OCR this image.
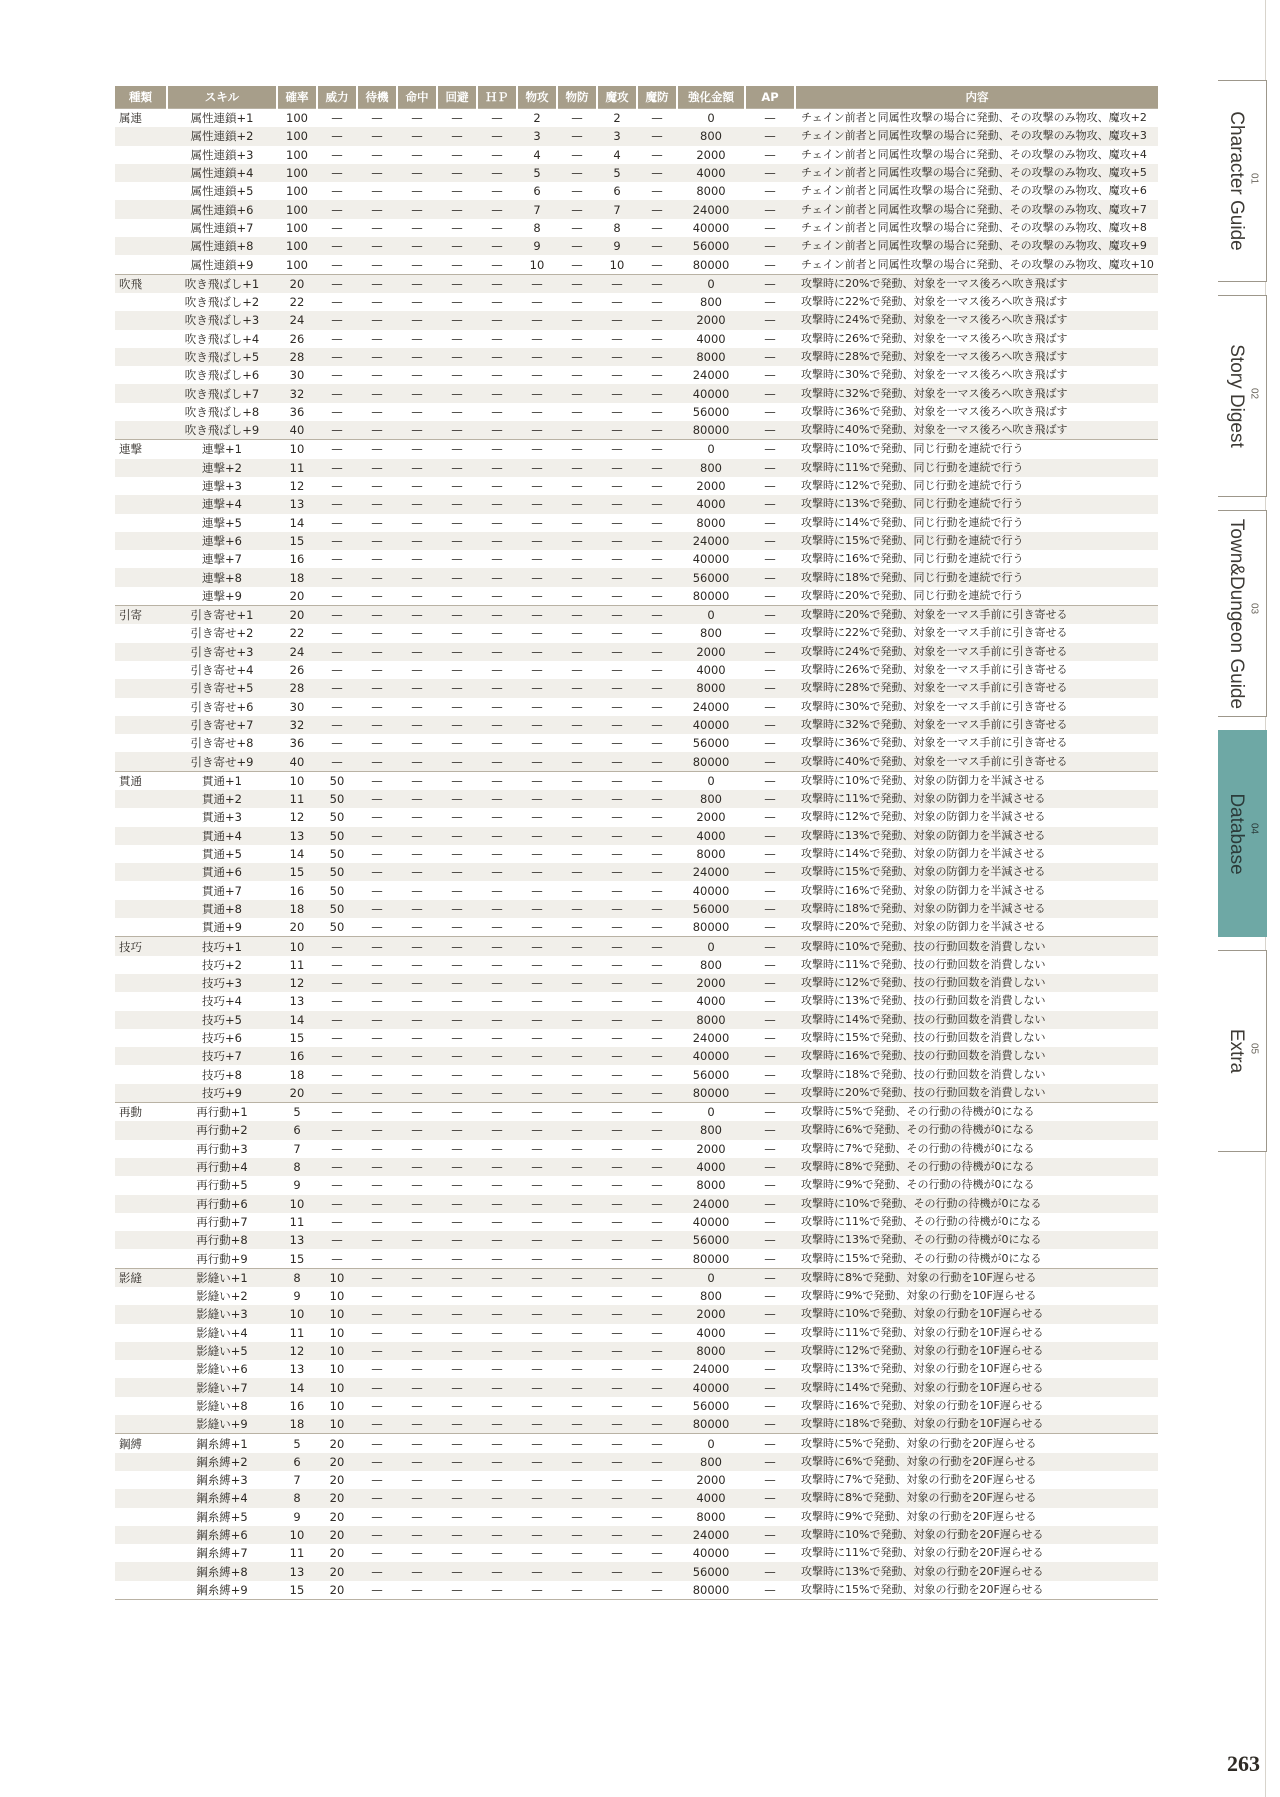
種類	スキル	確率	威力	待機	命中	回避	ＨＰ	物攻	物防	魔攻	魔防	強化金額	AP	内容
属連	属性連鎖+1	100	—	—	—	—	—	2	—	2	—	0	—	チェイン前者と同属性攻撃の場合に発動、その攻撃のみ物攻、魔攻+2
	属性連鎖+2	100	—	—	—	—	—	3	—	3	—	800	—	チェイン前者と同属性攻撃の場合に発動、その攻撃のみ物攻、魔攻+3
	属性連鎖+3	100	—	—	—	—	—	4	—	4	—	2000	—	チェイン前者と同属性攻撃の場合に発動、その攻撃のみ物攻、魔攻+4
	属性連鎖+4	100	—	—	—	—	—	5	—	5	—	4000	—	チェイン前者と同属性攻撃の場合に発動、その攻撃のみ物攻、魔攻+5
	属性連鎖+5	100	—	—	—	—	—	6	—	6	—	8000	—	チェイン前者と同属性攻撃の場合に発動、その攻撃のみ物攻、魔攻+6
	属性連鎖+6	100	—	—	—	—	—	7	—	7	—	24000	—	チェイン前者と同属性攻撃の場合に発動、その攻撃のみ物攻、魔攻+7
	属性連鎖+7	100	—	—	—	—	—	8	—	8	—	40000	—	チェイン前者と同属性攻撃の場合に発動、その攻撃のみ物攻、魔攻+8
	属性連鎖+8	100	—	—	—	—	—	9	—	9	—	56000	—	チェイン前者と同属性攻撃の場合に発動、その攻撃のみ物攻、魔攻+9
	属性連鎖+9	100	—	—	—	—	—	10	—	10	—	80000	—	チェイン前者と同属性攻撃の場合に発動、その攻撃のみ物攻、魔攻+10
吹飛	吹き飛ばし+1	20	—	—	—	—	—	—	—	—	—	0	—	攻撃時に20%で発動、対象を一マス後ろへ吹き飛ばす
	吹き飛ばし+2	22	—	—	—	—	—	—	—	—	—	800	—	攻撃時に22%で発動、対象を一マス後ろへ吹き飛ばす
	吹き飛ばし+3	24	—	—	—	—	—	—	—	—	—	2000	—	攻撃時に24%で発動、対象を一マス後ろへ吹き飛ばす
	吹き飛ばし+4	26	—	—	—	—	—	—	—	—	—	4000	—	攻撃時に26%で発動、対象を一マス後ろへ吹き飛ばす
	吹き飛ばし+5	28	—	—	—	—	—	—	—	—	—	8000	—	攻撃時に28%で発動、対象を一マス後ろへ吹き飛ばす
	吹き飛ばし+6	30	—	—	—	—	—	—	—	—	—	24000	—	攻撃時に30%で発動、対象を一マス後ろへ吹き飛ばす
	吹き飛ばし+7	32	—	—	—	—	—	—	—	—	—	40000	—	攻撃時に32%で発動、対象を一マス後ろへ吹き飛ばす
	吹き飛ばし+8	36	—	—	—	—	—	—	—	—	—	56000	—	攻撃時に36%で発動、対象を一マス後ろへ吹き飛ばす
	吹き飛ばし+9	40	—	—	—	—	—	—	—	—	—	80000	—	攻撃時に40%で発動、対象を一マス後ろへ吹き飛ばす
連撃	連撃+1	10	—	—	—	—	—	—	—	—	—	0	—	攻撃時に10%で発動、同じ行動を連続で行う
	連撃+2	11	—	—	—	—	—	—	—	—	—	800	—	攻撃時に11%で発動、同じ行動を連続で行う
	連撃+3	12	—	—	—	—	—	—	—	—	—	2000	—	攻撃時に12%で発動、同じ行動を連続で行う
	連撃+4	13	—	—	—	—	—	—	—	—	—	4000	—	攻撃時に13%で発動、同じ行動を連続で行う
	連撃+5	14	—	—	—	—	—	—	—	—	—	8000	—	攻撃時に14%で発動、同じ行動を連続で行う
	連撃+6	15	—	—	—	—	—	—	—	—	—	24000	—	攻撃時に15%で発動、同じ行動を連続で行う
	連撃+7	16	—	—	—	—	—	—	—	—	—	40000	—	攻撃時に16%で発動、同じ行動を連続で行う
	連撃+8	18	—	—	—	—	—	—	—	—	—	56000	—	攻撃時に18%で発動、同じ行動を連続で行う
	連撃+9	20	—	—	—	—	—	—	—	—	—	80000	—	攻撃時に20%で発動、同じ行動を連続で行う
引寄	引き寄せ+1	20	—	—	—	—	—	—	—	—	—	0	—	攻撃時に20%で発動、対象を一マス手前に引き寄せる
	引き寄せ+2	22	—	—	—	—	—	—	—	—	—	800	—	攻撃時に22%で発動、対象を一マス手前に引き寄せる
	引き寄せ+3	24	—	—	—	—	—	—	—	—	—	2000	—	攻撃時に24%で発動、対象を一マス手前に引き寄せる
	引き寄せ+4	26	—	—	—	—	—	—	—	—	—	4000	—	攻撃時に26%で発動、対象を一マス手前に引き寄せる
	引き寄せ+5	28	—	—	—	—	—	—	—	—	—	8000	—	攻撃時に28%で発動、対象を一マス手前に引き寄せる
	引き寄せ+6	30	—	—	—	—	—	—	—	—	—	24000	—	攻撃時に30%で発動、対象を一マス手前に引き寄せる
	引き寄せ+7	32	—	—	—	—	—	—	—	—	—	40000	—	攻撃時に32%で発動、対象を一マス手前に引き寄せる
	引き寄せ+8	36	—	—	—	—	—	—	—	—	—	56000	—	攻撃時に36%で発動、対象を一マス手前に引き寄せる
	引き寄せ+9	40	—	—	—	—	—	—	—	—	—	80000	—	攻撃時に40%で発動、対象を一マス手前に引き寄せる
貫通	貫通+1	10	50	—	—	—	—	—	—	—	—	0	—	攻撃時に10%で発動、対象の防御力を半減させる
	貫通+2	11	50	—	—	—	—	—	—	—	—	800	—	攻撃時に11%で発動、対象の防御力を半減させる
	貫通+3	12	50	—	—	—	—	—	—	—	—	2000	—	攻撃時に12%で発動、対象の防御力を半減させる
	貫通+4	13	50	—	—	—	—	—	—	—	—	4000	—	攻撃時に13%で発動、対象の防御力を半減させる
	貫通+5	14	50	—	—	—	—	—	—	—	—	8000	—	攻撃時に14%で発動、対象の防御力を半減させる
	貫通+6	15	50	—	—	—	—	—	—	—	—	24000	—	攻撃時に15%で発動、対象の防御力を半減させる
	貫通+7	16	50	—	—	—	—	—	—	—	—	40000	—	攻撃時に16%で発動、対象の防御力を半減させる
	貫通+8	18	50	—	—	—	—	—	—	—	—	56000	—	攻撃時に18%で発動、対象の防御力を半減させる
	貫通+9	20	50	—	—	—	—	—	—	—	—	80000	—	攻撃時に20%で発動、対象の防御力を半減させる
技巧	技巧+1	10	—	—	—	—	—	—	—	—	—	0	—	攻撃時に10%で発動、技の行動回数を消費しない
	技巧+2	11	—	—	—	—	—	—	—	—	—	800	—	攻撃時に11%で発動、技の行動回数を消費しない
	技巧+3	12	—	—	—	—	—	—	—	—	—	2000	—	攻撃時に12%で発動、技の行動回数を消費しない
	技巧+4	13	—	—	—	—	—	—	—	—	—	4000	—	攻撃時に13%で発動、技の行動回数を消費しない
	技巧+5	14	—	—	—	—	—	—	—	—	—	8000	—	攻撃時に14%で発動、技の行動回数を消費しない
	技巧+6	15	—	—	—	—	—	—	—	—	—	24000	—	攻撃時に15%で発動、技の行動回数を消費しない
	技巧+7	16	—	—	—	—	—	—	—	—	—	40000	—	攻撃時に16%で発動、技の行動回数を消費しない
	技巧+8	18	—	—	—	—	—	—	—	—	—	56000	—	攻撃時に18%で発動、技の行動回数を消費しない
	技巧+9	20	—	—	—	—	—	—	—	—	—	80000	—	攻撃時に20%で発動、技の行動回数を消費しない
再動	再行動+1	5	—	—	—	—	—	—	—	—	—	0	—	攻撃時に5%で発動、その行動の待機が0になる
	再行動+2	6	—	—	—	—	—	—	—	—	—	800	—	攻撃時に6%で発動、その行動の待機が0になる
	再行動+3	7	—	—	—	—	—	—	—	—	—	2000	—	攻撃時に7%で発動、その行動の待機が0になる
	再行動+4	8	—	—	—	—	—	—	—	—	—	4000	—	攻撃時に8%で発動、その行動の待機が0になる
	再行動+5	9	—	—	—	—	—	—	—	—	—	8000	—	攻撃時に9%で発動、その行動の待機が0になる
	再行動+6	10	—	—	—	—	—	—	—	—	—	24000	—	攻撃時に10%で発動、その行動の待機が0になる
	再行動+7	11	—	—	—	—	—	—	—	—	—	40000	—	攻撃時に11%で発動、その行動の待機が0になる
	再行動+8	13	—	—	—	—	—	—	—	—	—	56000	—	攻撃時に13%で発動、その行動の待機が0になる
	再行動+9	15	—	—	—	—	—	—	—	—	—	80000	—	攻撃時に15%で発動、その行動の待機が0になる
影縫	影縫い+1	8	10	—	—	—	—	—	—	—	—	0	—	攻撃時に8%で発動、対象の行動を10F遅らせる
	影縫い+2	9	10	—	—	—	—	—	—	—	—	800	—	攻撃時に9%で発動、対象の行動を10F遅らせる
	影縫い+3	10	10	—	—	—	—	—	—	—	—	2000	—	攻撃時に10%で発動、対象の行動を10F遅らせる
	影縫い+4	11	10	—	—	—	—	—	—	—	—	4000	—	攻撃時に11%で発動、対象の行動を10F遅らせる
	影縫い+5	12	10	—	—	—	—	—	—	—	—	8000	—	攻撃時に12%で発動、対象の行動を10F遅らせる
	影縫い+6	13	10	—	—	—	—	—	—	—	—	24000	—	攻撃時に13%で発動、対象の行動を10F遅らせる
	影縫い+7	14	10	—	—	—	—	—	—	—	—	40000	—	攻撃時に14%で発動、対象の行動を10F遅らせる
	影縫い+8	16	10	—	—	—	—	—	—	—	—	56000	—	攻撃時に16%で発動、対象の行動を10F遅らせる
	影縫い+9	18	10	—	—	—	—	—	—	—	—	80000	—	攻撃時に18%で発動、対象の行動を10F遅らせる
鋼縛	鋼糸縛+1	5	20	—	—	—	—	—	—	—	—	0	—	攻撃時に5%で発動、対象の行動を20F遅らせる
	鋼糸縛+2	6	20	—	—	—	—	—	—	—	—	800	—	攻撃時に6%で発動、対象の行動を20F遅らせる
	鋼糸縛+3	7	20	—	—	—	—	—	—	—	—	2000	—	攻撃時に7%で発動、対象の行動を20F遅らせる
	鋼糸縛+4	8	20	—	—	—	—	—	—	—	—	4000	—	攻撃時に8%で発動、対象の行動を20F遅らせる
	鋼糸縛+5	9	20	—	—	—	—	—	—	—	—	8000	—	攻撃時に9%で発動、対象の行動を20F遅らせる
	鋼糸縛+6	10	20	—	—	—	—	—	—	—	—	24000	—	攻撃時に10%で発動、対象の行動を20F遅らせる
	鋼糸縛+7	11	20	—	—	—	—	—	—	—	—	40000	—	攻撃時に11%で発動、対象の行動を20F遅らせる
	鋼糸縛+8	13	20	—	—	—	—	—	—	—	—	56000	—	攻撃時に13%で発動、対象の行動を20F遅らせる
	鋼糸縛+9	15	20	—	—	—	—	—	—	—	—	80000	—	攻撃時に15%で発動、対象の行動を20F遅らせる
Character Guide 01
Story Digest 02
Town&Dungeon Guide 03
Database 04
Extra 05
263
